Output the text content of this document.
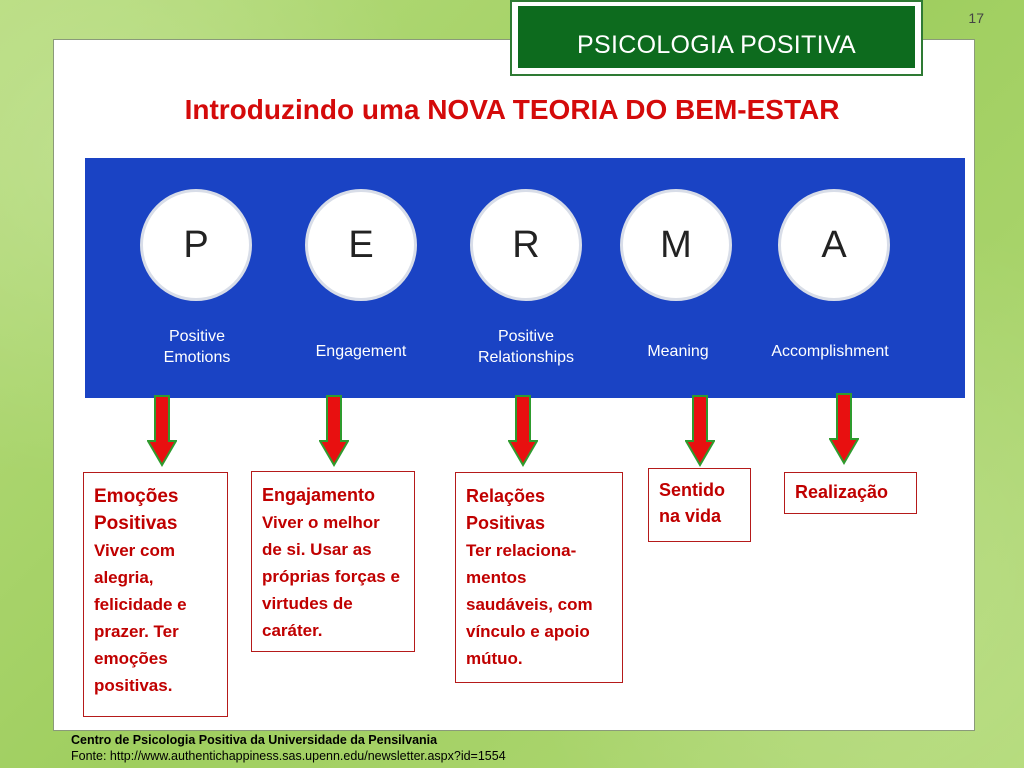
17
PSICOLOGIA POSITIVA
Introduzindo uma NOVA TEORIA DO BEM-ESTAR
P	E	R	M	A
Positive
Emotions	Engagement
Positive
Relationships	Meaning	Accomplishment
Emoções Positivas
Viver com alegria, felicidade e prazer. Ter emoções positivas.
Engajamento
Viver o melhor de si. Usar as próprias forças e virtudes de caráter.
Relações Positivas
Ter relaciona- mentos saudáveis, com vínculo e apoio mútuo.
Sentido na vida
Realização
Centro de Psicologia Positiva da Universidade da Pensilvania
Fonte: http://www.authentichappiness.sas.upenn.edu/newsletter.aspx?id=1554
